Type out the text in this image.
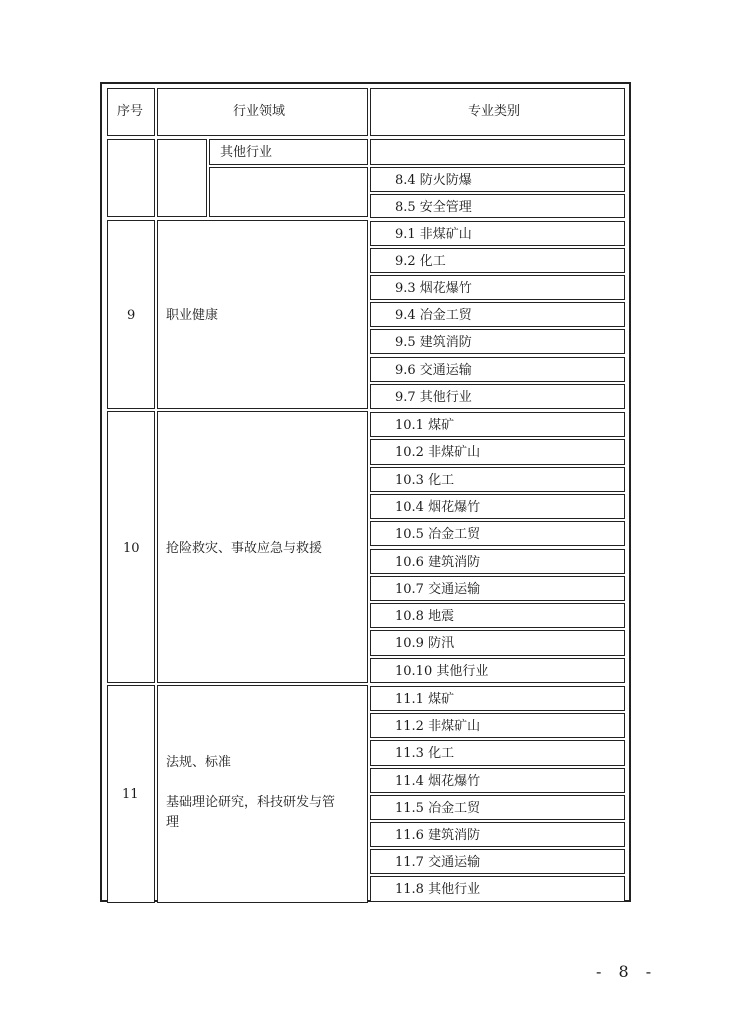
序号	行业领域	专业类别
其他行业
8.4 防火防爆
8.5 安全管理
9 职业健康
9.1 非煤矿山
9.2 化工
9.3 烟花爆竹
9.4 冶金工贸
9.5 建筑消防
9.6 交通运输
9.7 其他行业
10 抢险救灾、事故应急与救援
10.1 煤矿
10.2 非煤矿山
10.3 化工
10.4 烟花爆竹
10.5 冶金工贸
10.6 建筑消防
10.7 交通运输
10.8 地震
10.9 防汛
10.10 其他行业
11
法规、标准
基础理论研究，科技研发与管
理
11.1 煤矿
11.2 非煤矿山
11.3 化工
11.4 烟花爆竹
11.5 冶金工贸
11.6 建筑消防
11.7 交通运输
11.8 其他行业
- 8 -
